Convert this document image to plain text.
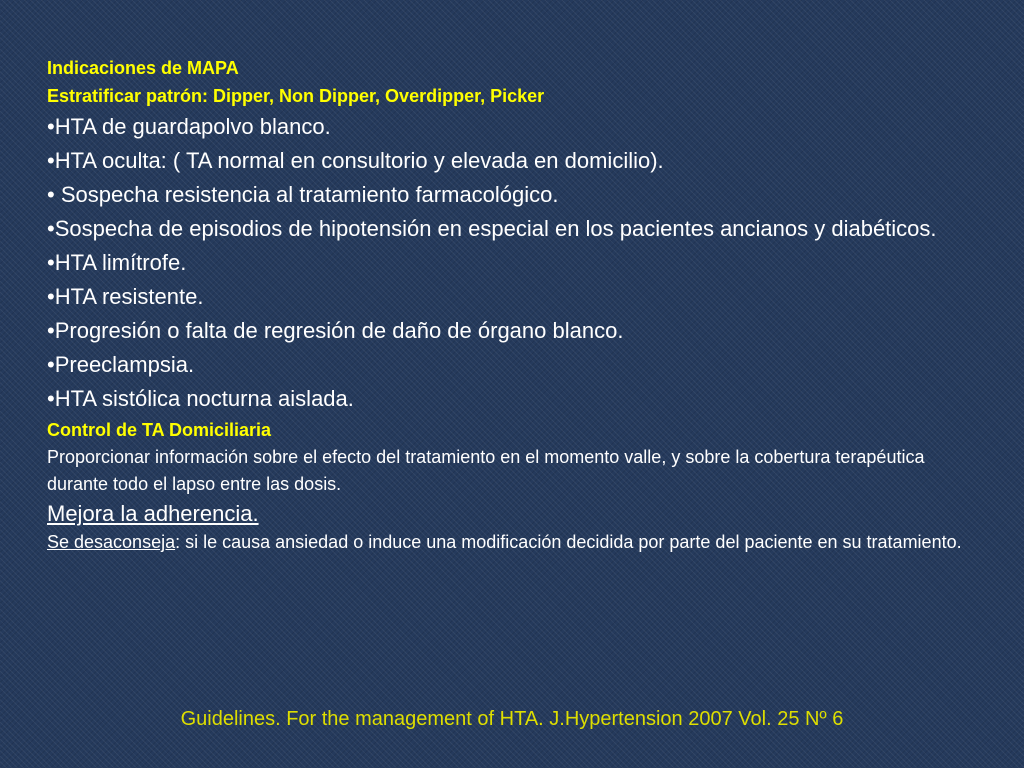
Indicaciones de MAPA
Estratificar patrón: Dipper, Non Dipper, Overdipper, Picker
•HTA de guardapolvo blanco.
•HTA oculta: ( TA normal en consultorio y elevada en domicilio).
• Sospecha resistencia al tratamiento farmacológico.
•Sospecha de episodios de hipotensión en especial en los pacientes ancianos y diabéticos.
•HTA limítrofe.
•HTA resistente.
•Progresión o falta de regresión de daño de órgano blanco.
•Preeclampsia.
•HTA sistólica nocturna aislada.
Control de TA Domiciliaria
Proporcionar información sobre el efecto del tratamiento en el momento valle, y sobre la cobertura terapéutica durante todo el lapso entre las dosis.
Mejora la adherencia.
Se desaconseja: si le causa ansiedad o induce una modificación decidida por parte del paciente en su tratamiento.
Guidelines. For the management of HTA. J.Hypertension 2007 Vol. 25 Nº 6
